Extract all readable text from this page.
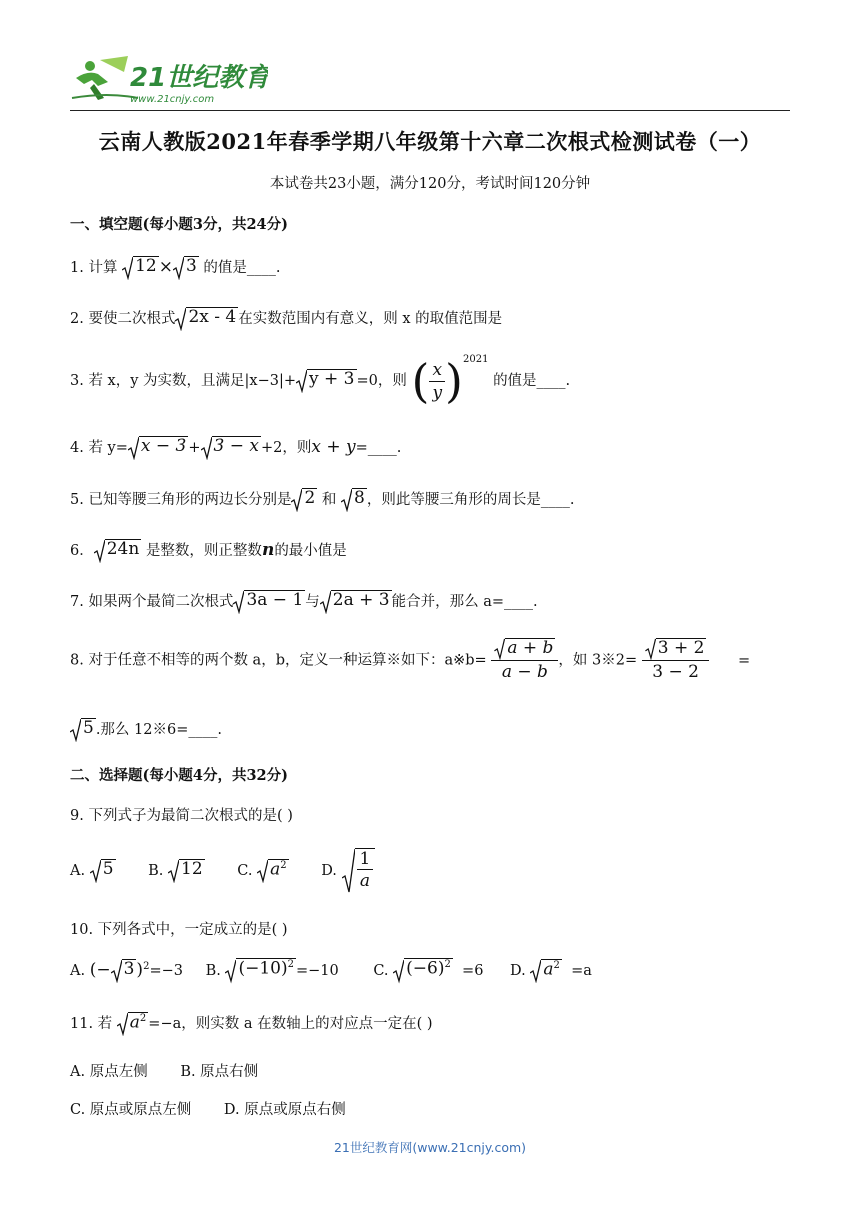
21世纪教育
www.21cnjy.com
云南人教版2021年春季学期八年级第十六章二次根式检测试卷（一）
本试卷共23小题，满分120分，考试时间120分钟
一、填空题(每小题3分，共24分)
1. 计算 12 × 3 的值是____.
2. 要使二次根式 2x - 4 在实数范围内有意义，则 x 的取值范围是
3. 若 x，y 为实数，且满足|x−3|+ y + 3 =0，则 ( $\frac{x}{y}$ ) 2021
的值是____.
4. 若 y= x − 3 + 3 − x +2，则x + y=____.
5. 已知等腰三角形的两边长分别是 2 和 8 ，则此等腰三角形的周长是____.
6． 24n 是整数，则正整数n的最小值是
7. 如果两个最简二次根式 3a − 1 与 2a + 3 能合并，那么 a=____.
8. 对于任意不相等的两个数 a，b，定义一种运算※如下：a※b= $\frac{a + b}{a - b}$ ，如 3※2= $\frac{3 + 2}{3 - 2}$ =
5 .那么 12※6=____.
二、选择题(每小题4分，共32分)
9. 下列式子为最简二次根式的是( )
A. 5 B. 12 C. $a^2$ D. $\frac{1}{a}$
10. 下列各式中，一定成立的是( )
A. (− 3 )$^2$=−3 B. $(-10)^2 =-10$ C. $(-6)^2 =6$ D. $a^2 =a$
11. 若 $a^2 =-a$，则实数 a 在数轴上的对应点一定在( )
A. 原点左侧 B. 原点右侧
C. 原点或原点左侧 D. 原点或原点右侧
21世纪教育网(www.21cnjy.com)
